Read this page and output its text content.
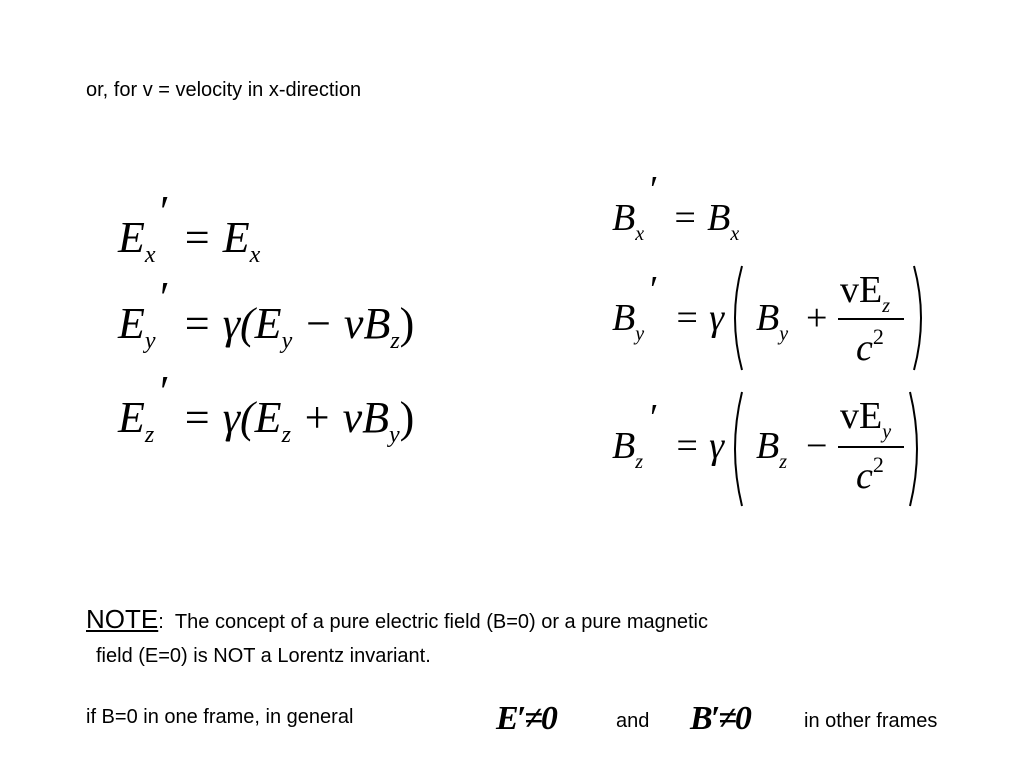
or, for v = velocity in x-direction
$E_x$
′
= $E_x$
$E_y$
′
= $\gamma(E_y - vB_z)$
$E_z$
′
= $\gamma(E_z + vB_y)$
$B_x$
′
= $B_x$
$B_y$
′
= γ $B_y$ +
$vE_z$
$c^2$
$B_z$
′
= γ $B_z$ −
$vE_y$
$c^2$
NOTE: The concept of a pure electric field (B=0) or a pure magnetic
field (E=0) is NOT a Lorentz invariant.
if B=0 in one frame, in general	E′≠0	and B′≠0	in other frames
